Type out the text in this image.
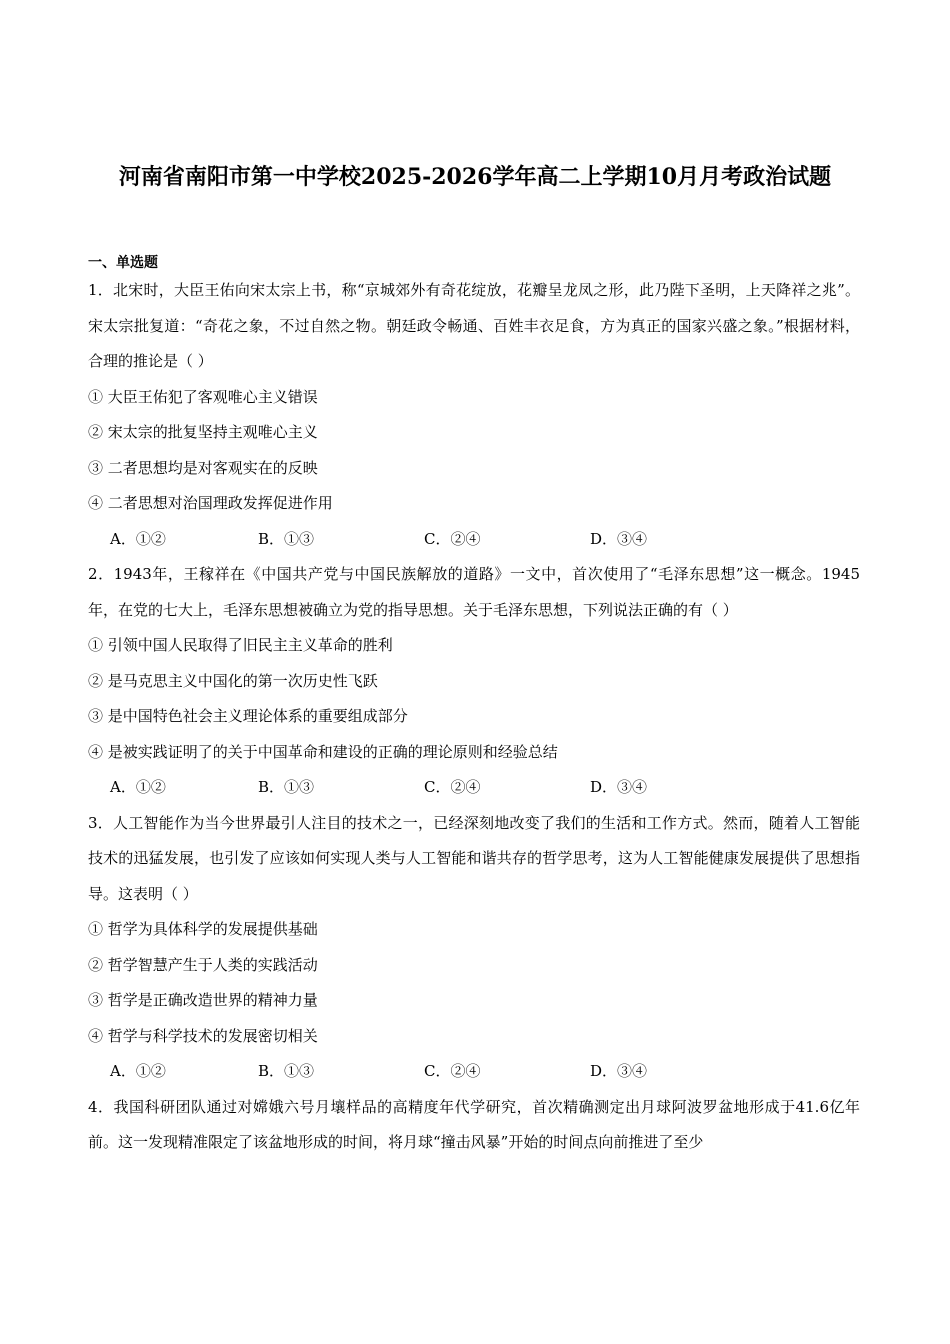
河南省南阳市第一中学校2025-2026学年高二上学期10月月考政治试题
一、单选题
1．北宋时，大臣王佑向宋太宗上书，称“京城郊外有奇花绽放，花瓣呈龙凤之形，此乃陛下圣明，上天降祥之兆”。宋太宗批复道：“奇花之象，不过自然之物。朝廷政令畅通、百姓丰衣足食，方为真正的国家兴盛之象。”根据材料，合理的推论是（ ）
① 大臣王佑犯了客观唯心主义错误
② 宋太宗的批复坚持主观唯心主义
③ 二者思想均是对客观实在的反映
④ 二者思想对治国理政发挥促进作用
A．①②	B．①③	C．②④	D．③④
2．1943年，王稼祥在《中国共产党与中国民族解放的道路》一文中，首次使用了“毛泽东思想”这一概念。1945年，在党的七大上，毛泽东思想被确立为党的指导思想。关于毛泽东思想，下列说法正确的有（ ）
① 引领中国人民取得了旧民主主义革命的胜利
② 是马克思主义中国化的第一次历史性飞跃
③ 是中国特色社会主义理论体系的重要组成部分
④ 是被实践证明了的关于中国革命和建设的正确的理论原则和经验总结
A．①②	B．①③	C．②④	D．③④
3．人工智能作为当今世界最引人注目的技术之一，已经深刻地改变了我们的生活和工作方式。然而，随着人工智能技术的迅猛发展，也引发了应该如何实现人类与人工智能和谐共存的哲学思考，这为人工智能健康发展提供了思想指导。这表明（ ）
① 哲学为具体科学的发展提供基础
② 哲学智慧产生于人类的实践活动
③ 哲学是正确改造世界的精神力量
④ 哲学与科学技术的发展密切相关
A．①②	B．①③	C．②④	D．③④
4．我国科研团队通过对嫦娥六号月壤样品的高精度年代学研究，首次精确测定出月球阿波罗盆地形成于41.6亿年前。这一发现精准限定了该盆地形成的时间，将月球“撞击风暴”开始的时间点向前推进了至少
